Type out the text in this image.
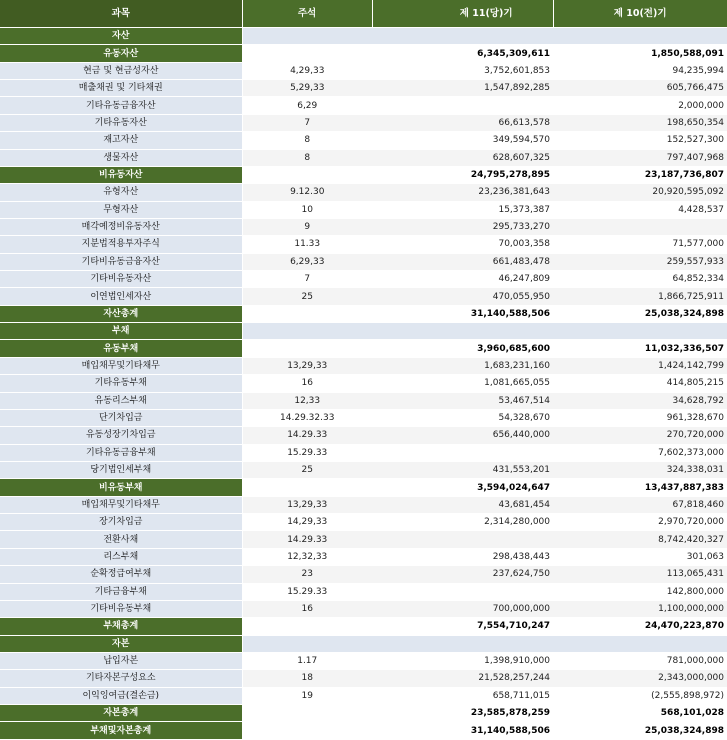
과목	주석	제 11(당)기	제 10(전)기
자산			
유동자산		6,345,309,611	1,850,588,091
현금 및 현금성자산	4,29,33	3,752,601,853	94,235,994
매출채권 및 기타채권	5,29,33	1,547,892,285	605,766,475
기타유동금융자산	6,29		2,000,000
기타유동자산	7	66,613,578	198,650,354
재고자산	8	349,594,570	152,527,300
생물자산	8	628,607,325	797,407,968
비유동자산		24,795,278,895	23,187,736,807
유형자산	9.12.30	23,236,381,643	20,920,595,092
무형자산	10	15,373,387	4,428,537
매각예정비유동자산	9	295,733,270	
지분법적용투자주식	11.33	70,003,358	71,577,000
기타비유동금융자산	6,29,33	661,483,478	259,557,933
기타비유동자산	7	46,247,809	64,852,334
이연법인세자산	25	470,055,950	1,866,725,911
자산총계		31,140,588,506	25,038,324,898
부채			
유동부채		3,960,685,600	11,032,336,507
매입채무및기타채무	13,29,33	1,683,231,160	1,424,142,799
기타유동부채	16	1,081,665,055	414,805,215
유동리스부채	12,33	53,467,514	34,628,792
단기차입금	14.29.32.33	54,328,670	961,328,670
유동성장기차입금	14.29.33	656,440,000	270,720,000
기타유동금융부채	15.29.33		7,602,373,000
당기법인세부채	25	431,553,201	324,338,031
비유동부채		3,594,024,647	13,437,887,383
매입채무및기타채무	13,29,33	43,681,454	67,818,460
장기차입금	14,29,33	2,314,280,000	2,970,720,000
전환사채	14.29.33		8,742,420,327
리스부채	12,32,33	298,438,443	301,063
순확정급여부채	23	237,624,750	113,065,431
기타금융부채	15.29.33		142,800,000
기타비유동부채	16	700,000,000	1,100,000,000
부채총계		7,554,710,247	24,470,223,870
자본			
납입자본	1.17	1,398,910,000	781,000,000
기타자본구성요소	18	21,528,257,244	2,343,000,000
이익잉여금(결손금)	19	658,711,015	(2,555,898,972)
자본총계		23,585,878,259	568,101,028
부채및자본총계		31,140,588,506	25,038,324,898
